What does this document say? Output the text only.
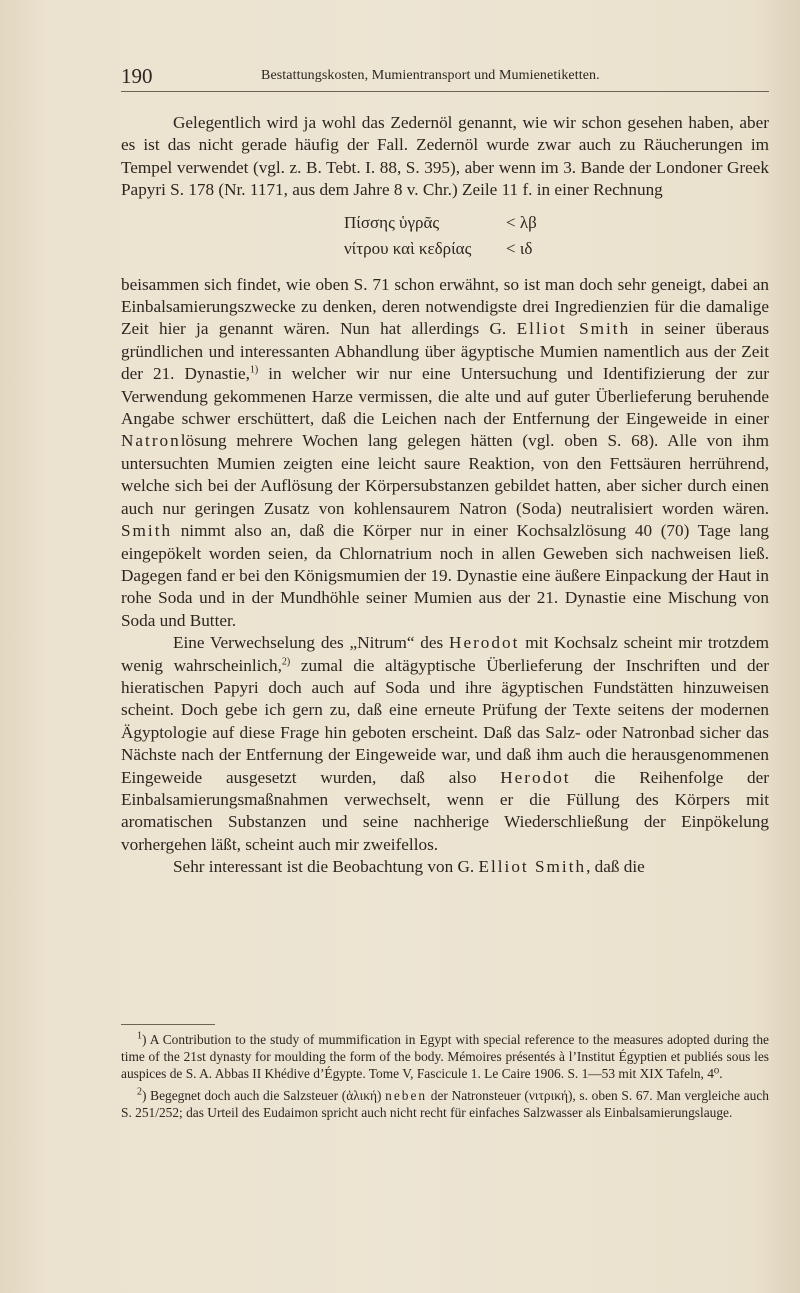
190	Bestattungskosten, Mumientransport und Mumienetiketten.

Gelegentlich wird ja wohl das Zedernöl genannt, wie wir schon gesehen haben, aber es ist das nicht gerade häufig der Fall. Zedernöl wurde zwar auch zu Räucherungen im Tempel verwendet (vgl. z. B. Tebt. I. 88, S. 395), aber wenn im 3. Bande der Londoner Greek Papyri S. 178 (Nr. 1171, aus dem Jahre 8 v. Chr.) Zeile 11 f. in einer Rechnung

Πίσσης ὑγρᾶς	< λβ
νίτρου καὶ κεδρίας < ιδ

beisammen sich findet, wie oben S. 71 schon erwähnt, so ist man doch sehr geneigt, dabei an Einbalsamierungszwecke zu denken, deren notwendigste drei Ingredienzien für die damalige Zeit hier ja genannt wären. Nun hat allerdings G. Elliot Smith in seiner überaus gründlichen und interessanten Abhandlung über ägyptische Mumien namentlich aus der Zeit der 21. Dynastie,$^{1)}$ in welcher wir nur eine Untersuchung und Identifizierung der zur Verwendung gekommenen Harze vermissen, die alte und auf guter Überlieferung beruhende Angabe schwer erschüttert, daß die Leichen nach der Entfernung der Eingeweide in einer Natronlösung mehrere Wochen lang gelegen hätten (vgl. oben S. 68). Alle von ihm untersuchten Mumien zeigten eine leicht saure Reaktion, von den Fettsäuren herrührend, welche sich bei der Auflösung der Körpersubstanzen gebildet hatten, aber sicher durch einen auch nur geringen Zusatz von kohlensaurem Natron (Soda) neutralisiert worden wären. Smith nimmt also an, daß die Körper nur in einer Kochsalzlösung 40 (70) Tage lang eingepökelt worden seien, da Chlornatrium noch in allen Geweben sich nachweisen ließ. Dagegen fand er bei den Königsmumien der 19. Dynastie eine äußere Einpackung der Haut in rohe Soda und in der Mundhöhle seiner Mumien aus der 21. Dynastie eine Mischung von Soda und Butter.

Eine Verwechselung des „Nitrum“ des Herodot mit Kochsalz scheint mir trotzdem wenig wahrscheinlich,$^{2)}$ zumal die altägyptische Überlieferung der Inschriften und der hieratischen Papyri doch auch auf Soda und ihre ägyptischen Fundstätten hinzuweisen scheint. Doch gebe ich gern zu, daß eine erneute Prüfung der Texte seitens der modernen Ägyptologie auf diese Frage hin geboten erscheint. Daß das Salz- oder Natronbad sicher das Nächste nach der Entfernung der Eingeweide war, und daß ihm auch die herausgenommenen Eingeweide ausgesetzt wurden, daß also Herodot die Reihenfolge der Einbalsamierungsmaßnahmen verwechselt, wenn er die Füllung des Körpers mit aromatischen Substanzen und seine nachherige Wiederschließung der Einpökelung vorhergehen läßt, scheint auch mir zweifellos.

Sehr interessant ist die Beobachtung von G. Elliot Smith, daß die

$^1$) A Contribution to the study of mummification in Egypt with special reference to the measures adopted during the time of the 21st dynasty for moulding the form of the body. Mémoires présentés à l’Institut Égyptien et publiés sous les auspices de S. A. Abbas II Khédive d’Égypte. Tome V, Fascicule 1. Le Caire 1906. S. 1—53 mit XIX Tafeln, 4⁰.

$^2$) Begegnet doch auch die Salzsteuer (ἁλική) neben der Natronsteuer (νιτρική), s. oben S. 67. Man vergleiche auch S. 251/252; das Urteil des Eudaimon spricht auch nicht recht für einfaches Salzwasser als Einbalsamierungslauge.
